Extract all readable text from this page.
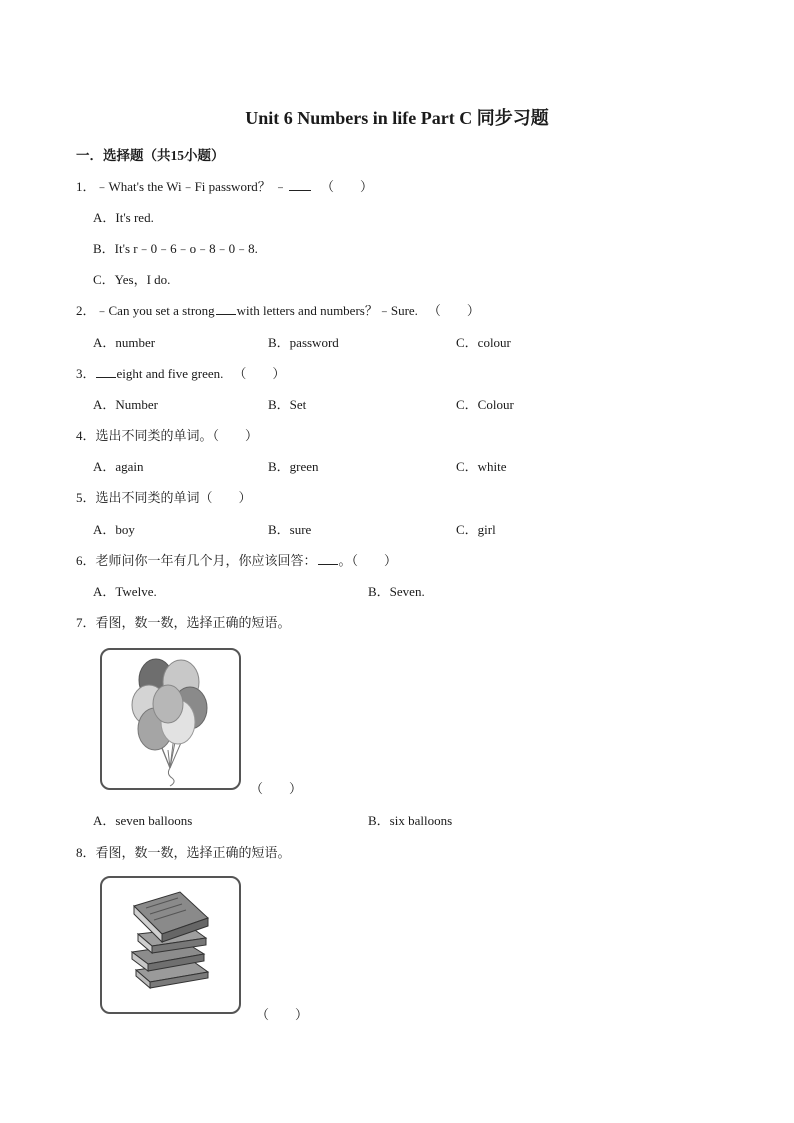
Unit 6 Numbers in life Part C 同步习题
一．选择题（共15小题）
1．﹣What's the Wi﹣Fi password？ ﹣	（　　）
A．It's red.
B．It's r﹣0﹣6﹣o﹣8﹣0﹣8.
C．Yes，I do.
2．﹣Can you set a strong with letters and numbers？﹣Sure. （　　）
A．number	B．password	C．colour
3． eight and five green. （　　）
A．Number	B．Set	C．Colour
4．选出不同类的单词。（　　）
A．again	B．green	C．white
5．选出不同类的单词（　　）
A．boy	B．sure	C．girl
6．老师问你一年有几个月，你应该回答： 。（　　）
A．Twelve.	B．Seven.
7．看图，数一数，选择正确的短语。
（　　）
A．seven balloons	B．six balloons
8．看图，数一数，选择正确的短语。
（　　）
